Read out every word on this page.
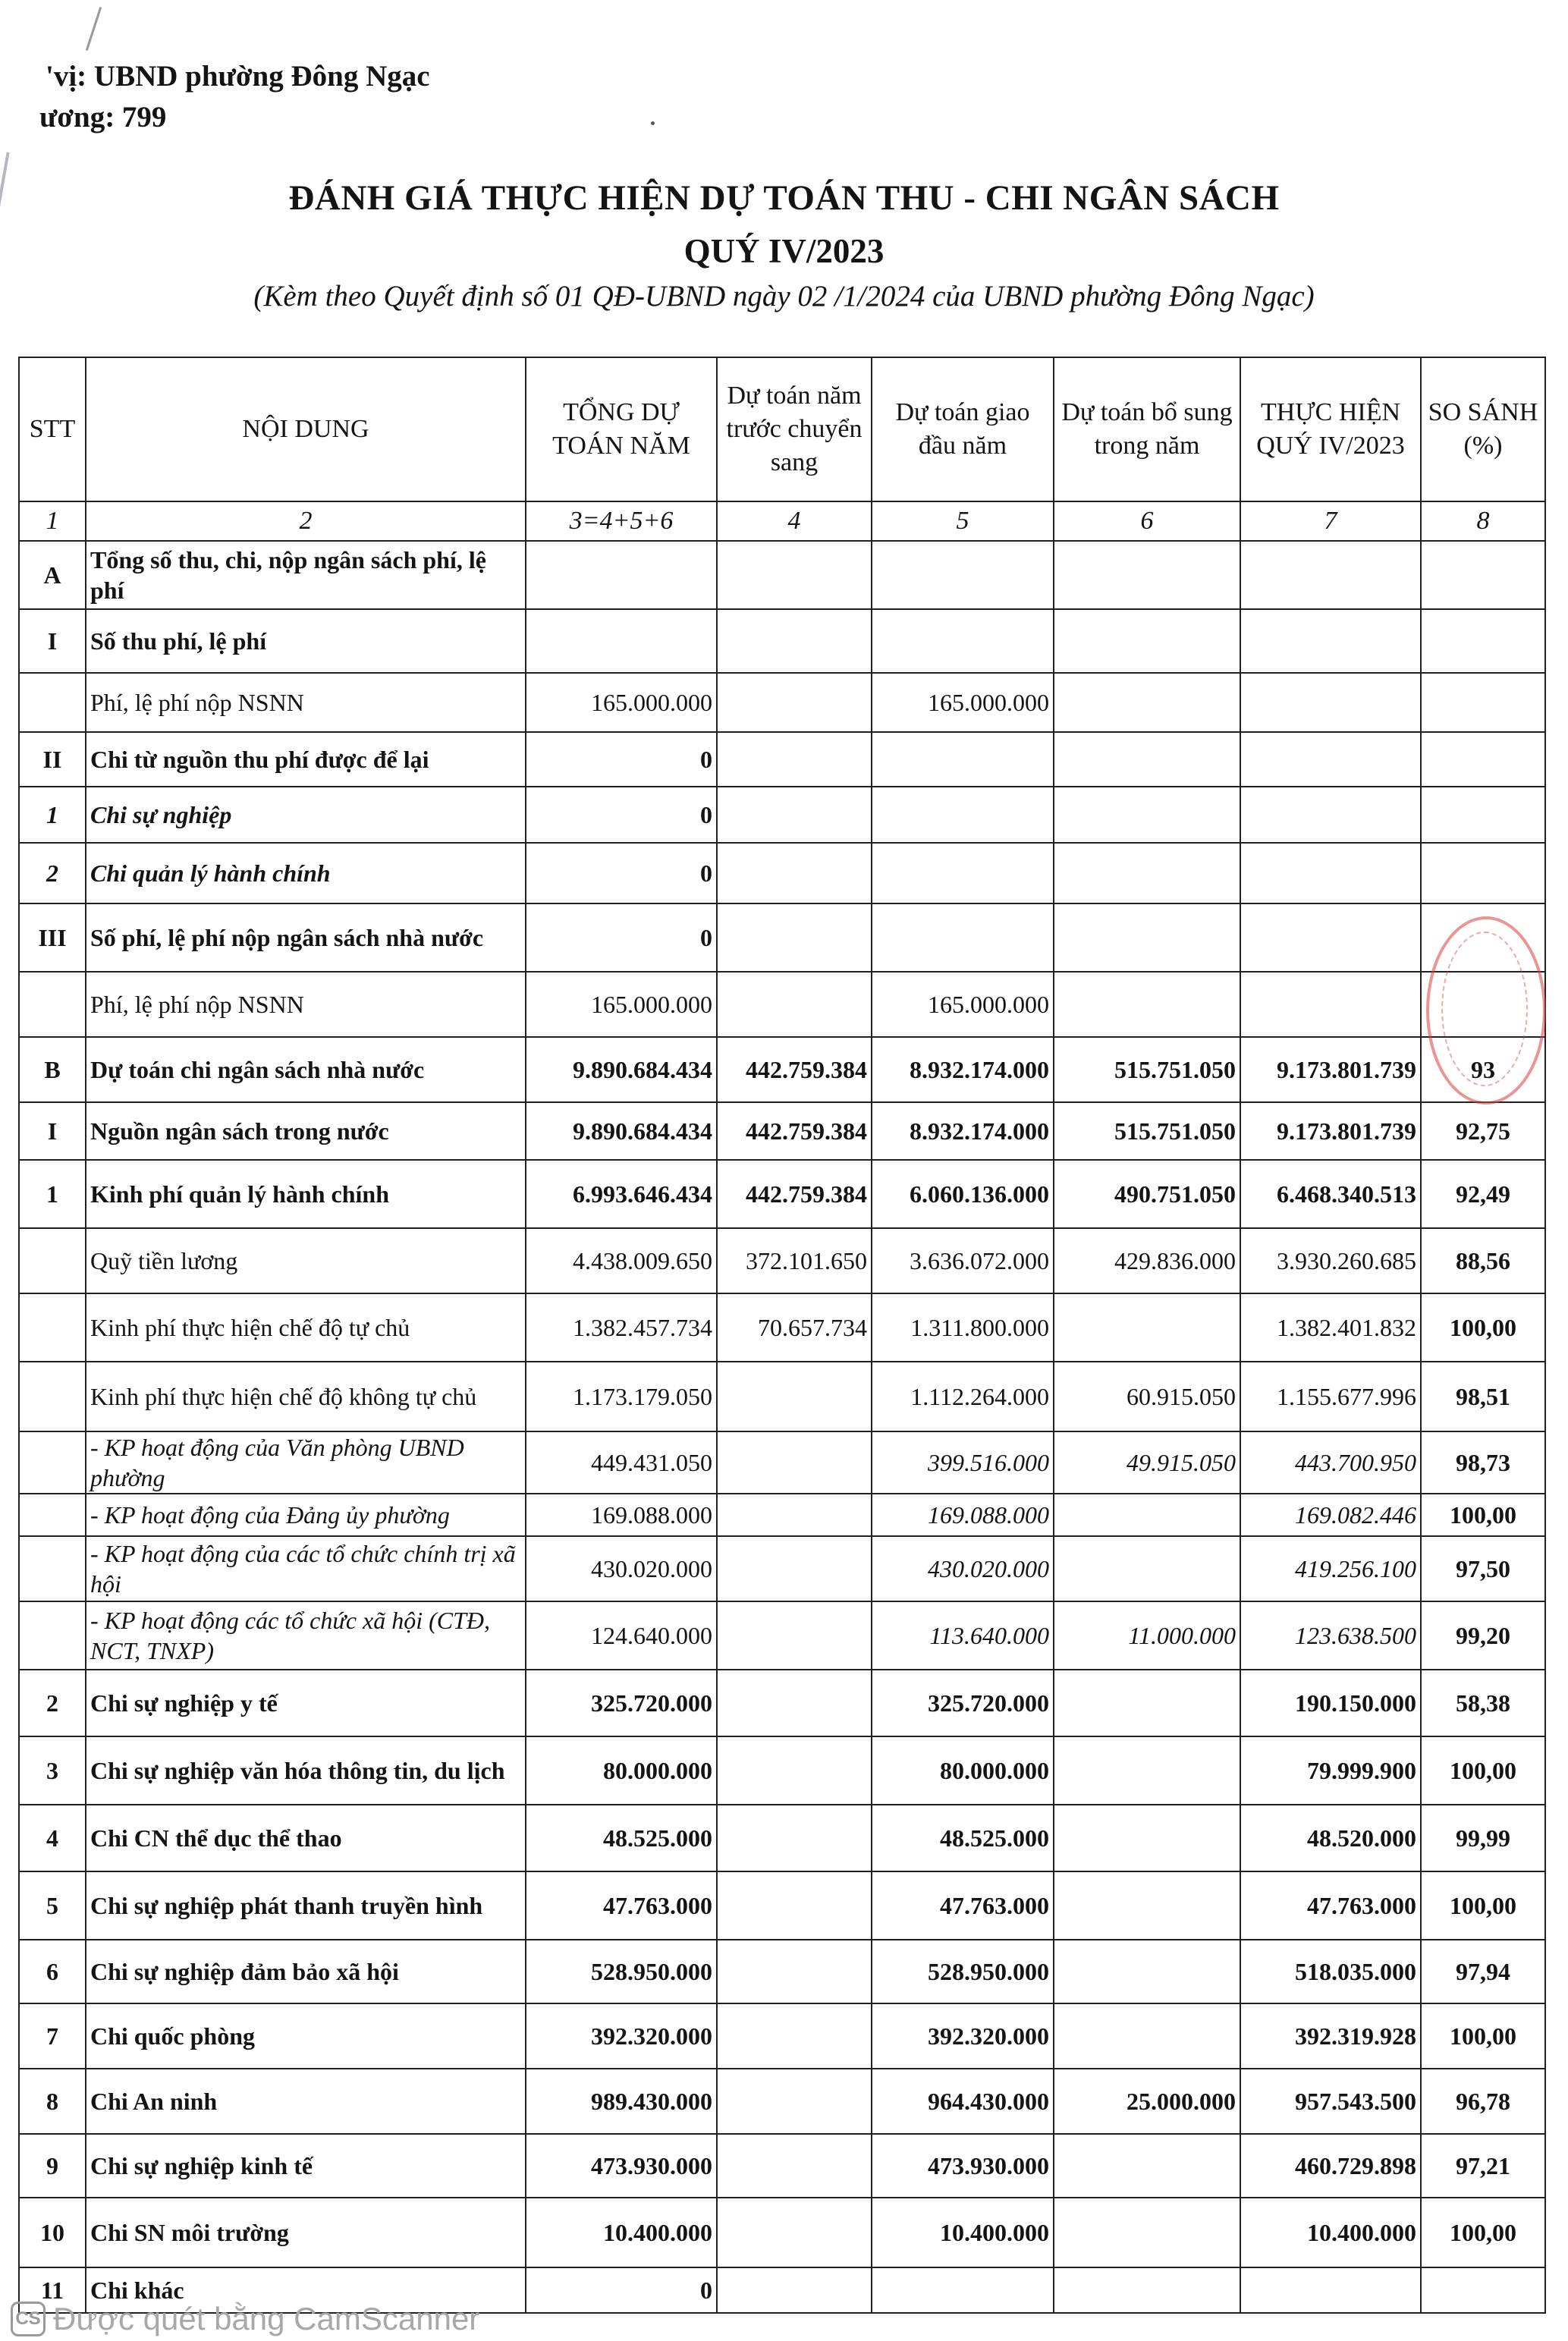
'vị: UBND phường Đông Ngạc
ương: 799
ĐÁNH GIÁ THỰC HIỆN DỰ TOÁN THU - CHI NGÂN SÁCH
QUÝ IV/2023
(Kèm theo Quyết định số 01 QĐ-UBND ngày 02 /1/2024 của UBND phường Đông Ngạc)
STT	NỘI DUNG	TỔNG DỰ TOÁN NĂM	Dự toán năm trước chuyển sang	Dự toán giao đầu năm	Dự toán bổ sung trong năm	THỰC HIỆN QUÝ IV/2023	SO SÁNH (%)
1	2	3=4+5+6	4	5	6	7	8
A	Tổng số thu, chi, nộp ngân sách phí, lệ phí						
I	Số thu phí, lệ phí						
	Phí, lệ phí nộp NSNN	165.000.000		165.000.000			
II	Chi từ nguồn thu phí được để lại	0					
1	Chi sự nghiệp	0					
2	Chi quản lý hành chính	0					
III	Số phí, lệ phí nộp ngân sách nhà nước	0					
	Phí, lệ phí nộp NSNN	165.000.000		165.000.000			
B	Dự toán chi ngân sách nhà nước	9.890.684.434	442.759.384	8.932.174.000	515.751.050	9.173.801.739	93
I	Nguồn ngân sách trong nước	9.890.684.434	442.759.384	8.932.174.000	515.751.050	9.173.801.739	92,75
1	Kinh phí quản lý hành chính	6.993.646.434	442.759.384	6.060.136.000	490.751.050	6.468.340.513	92,49
	Quỹ tiền lương	4.438.009.650	372.101.650	3.636.072.000	429.836.000	3.930.260.685	88,56
	Kinh phí thực hiện chế độ tự chủ	1.382.457.734	70.657.734	1.311.800.000		1.382.401.832	100,00
	Kinh phí thực hiện chế độ không tự chủ	1.173.179.050		1.112.264.000	60.915.050	1.155.677.996	98,51
	- KP hoạt động của Văn phòng UBND phường	449.431.050		399.516.000	49.915.050	443.700.950	98,73
	- KP hoạt động của Đảng ủy phường	169.088.000		169.088.000		169.082.446	100,00
	- KP hoạt động của các tổ chức chính trị xã hội	430.020.000		430.020.000		419.256.100	97,50
	- KP hoạt động các tổ chức xã hội (CTĐ, NCT, TNXP)	124.640.000		113.640.000	11.000.000	123.638.500	99,20
2	Chi sự nghiệp y tế	325.720.000		325.720.000		190.150.000	58,38
3	Chi sự nghiệp văn hóa thông tin, du lịch	80.000.000		80.000.000		79.999.900	100,00
4	Chi CN thể dục thể thao	48.525.000		48.525.000		48.520.000	99,99
5	Chi sự nghiệp phát thanh truyền hình	47.763.000		47.763.000		47.763.000	100,00
6	Chi sự nghiệp đảm bảo xã hội	528.950.000		528.950.000		518.035.000	97,94
7	Chi quốc phòng	392.320.000		392.320.000		392.319.928	100,00
8	Chi An ninh	989.430.000		964.430.000	25.000.000	957.543.500	96,78
9	Chi sự nghiệp kinh tế	473.930.000		473.930.000		460.729.898	97,21
10	Chi SN môi trường	10.400.000		10.400.000		10.400.000	100,00
11	Chi khác	0					
CS Được quét bằng CamScanner
